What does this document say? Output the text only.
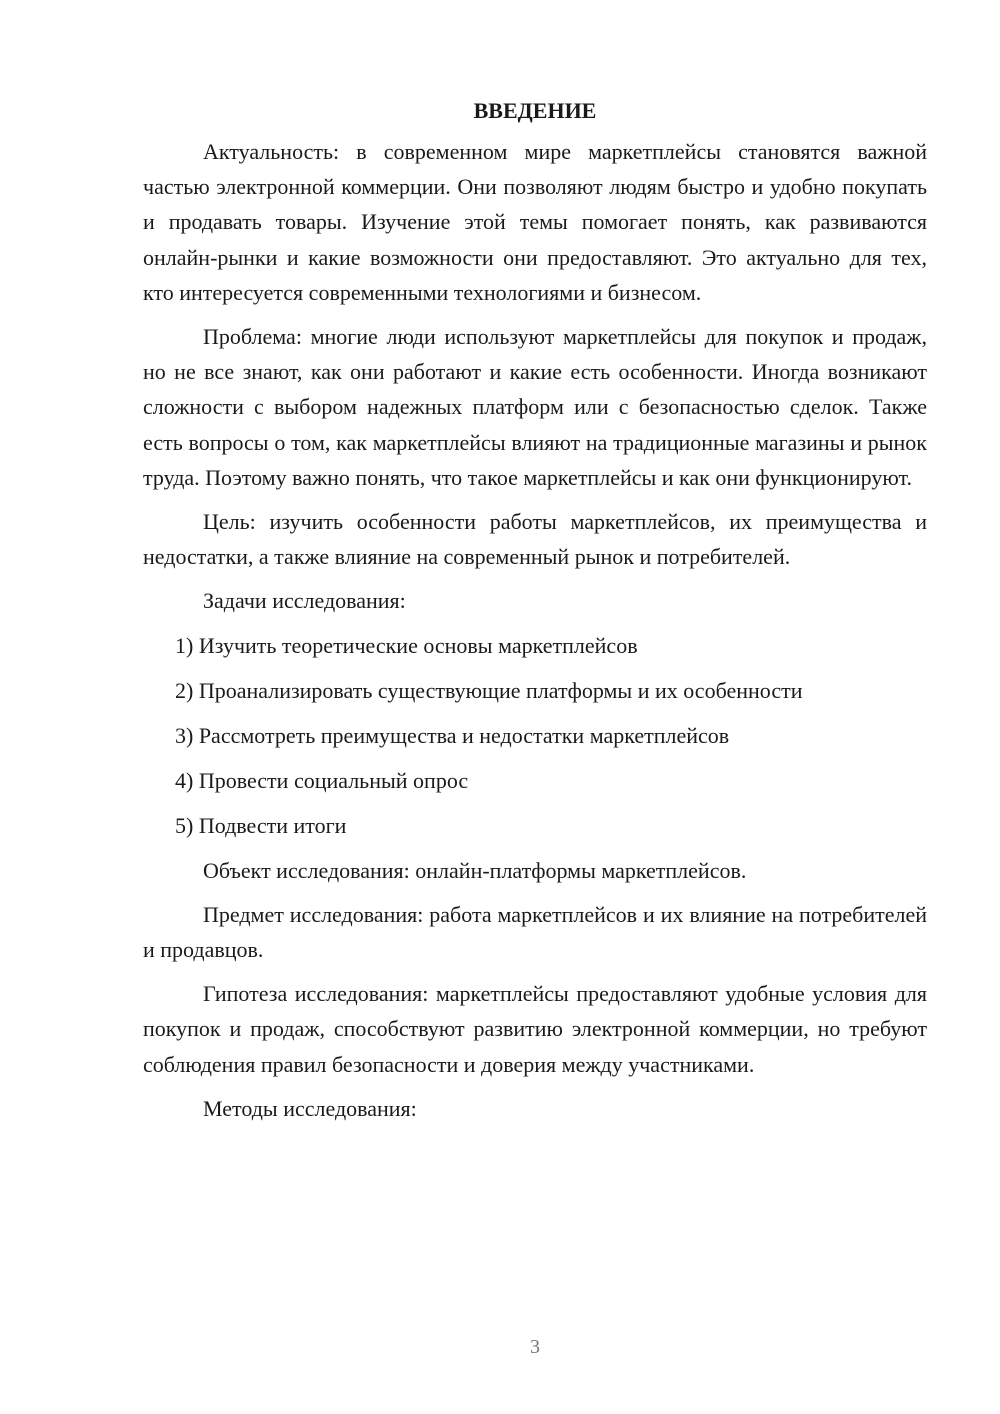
ВВЕДЕНИЕ

Актуальность: в современном мире маркетплейсы становятся важной частью электронной коммерции. Они позволяют людям быстро и удобно покупать и продавать товары. Изучение этой темы помогает понять, как развиваются онлайн-рынки и какие возможности они предоставляют. Это актуально для тех, кто интересуется современными технологиями и бизнесом.

Проблема: многие люди используют маркетплейсы для покупок и продаж, но не все знают, как они работают и какие есть особенности. Иногда возникают сложности с выбором надежных платформ или с безопасностью сделок. Также есть вопросы о том, как маркетплейсы влияют на традиционные магазины и рынок труда. Поэтому важно понять, что такое маркетплейсы и как они функционируют.

Цель: изучить особенности работы маркетплейсов, их преимущества и недостатки, а также влияние на современный рынок и потребителей.

Задачи исследования:

1) Изучить теоретические основы маркетплейсов
2) Проанализировать существующие платформы и их особенности
3) Рассмотреть преимущества и недостатки маркетплейсов
4) Провести социальный опрос
5) Подвести итоги

Объект исследования: онлайн-платформы маркетплейсов.

Предмет исследования: работа маркетплейсов и их влияние на потребителей и продавцов.

Гипотеза исследования: маркетплейсы предоставляют удобные условия для покупок и продаж, способствуют развитию электронной коммерции, но требуют соблюдения правил безопасности и доверия между участниками.

Методы исследования:

3
